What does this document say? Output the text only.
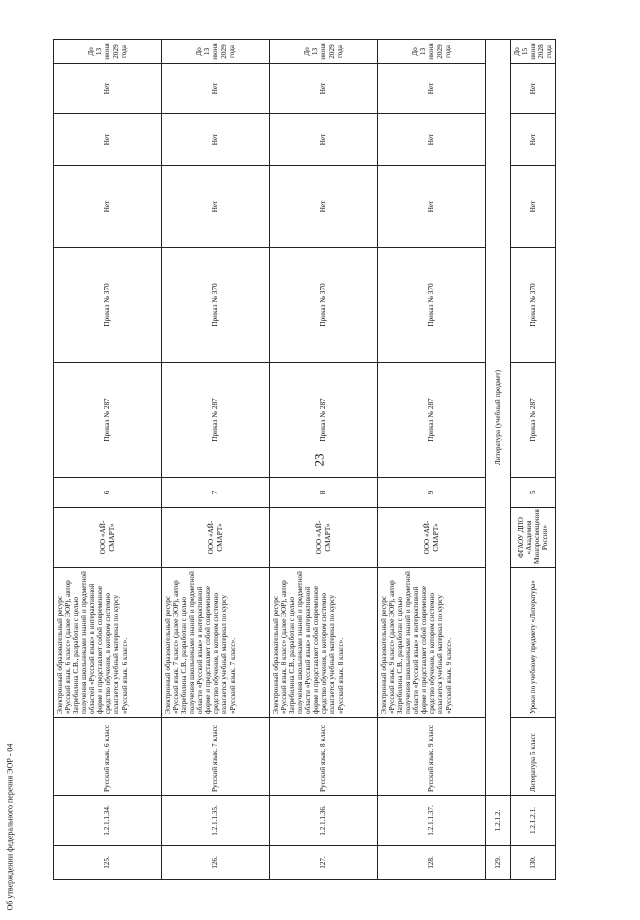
23
125.	1.2.1.1.34.	Русский язык. 6 класс	Электронный образовательный ресурс «Русский язык. 6 класс» (далее ЭОР), автор Затребилина С.В., разработан с целью получения школьниками знаний и предметной областей «Русский язык» в интерактивной форме и представляет собой современное средство обучения, в котором системно излагается учебный материал по курсу «Русский язык. 6 класс».	ООО «АЙ-СМАРТ»	6	Приказ № 287	Приказ № 370	Нет	Нет	Нет	До 13 июня 2029 года
126.	1.2.1.1.35.	Русский язык. 7 класс	Электронный образовательный ресурс «Русский язык. 7 класс» (далее ЭОР), автор Затребилина С.В., разработан с целью получения школьниками знаний и предметной области «Русский язык» в интерактивной форме и представляет собой современное средство обучения, в котором системно излагается учебный материал по курсу «Русский язык. 7 класс».	ООО «АЙ-СМАРТ»	7	Приказ № 287	Приказ № 370	Нет	Нет	Нет	До 13 июня 2029 года
127.	1.2.1.1.36.	Русский язык. 8 класс	Электронный образовательный ресурс «Русский язык. 8 класс» (далее ЭОР), автор Затребилина С.В., разработан с целью получения школьниками знаний и предметной области «Русский язык» в интерактивной форме и представляет собой современное средство обучения, в котором системно излагается учебный материал по курсу «Русский язык. 8 класс».	ООО «АЙ-СМАРТ»	8	Приказ № 287	Приказ № 370	Нет	Нет	Нет	До 13 июня 2029 года
128.	1.2.1.1.37.	Русский язык. 9 класс	Электронный образовательный ресурс «Русский язык. 9 класс» (далее ЭОР), автор Затребилина С.В., разработан с целью получения школьниками знаний и предметной области «Русский язык» в интерактивной форме и представляет собой современное средство обучения, в котором системно излагается учебный материал по курсу «Русский язык. 9 класс».	ООО «АЙ-СМАРТ»	9	Приказ № 287	Приказ № 370	Нет	Нет	Нет	До 13 июня 2029 года
129.	1.2.1.2.	Литература (учебный предмет)									
130.	1.2.1.2.1.	Литература 5 класс	Уроки по учебному предмету «Литература»	ФГАОУ ДПО «Академия Минпросвещения России»	5	Приказ № 287	Приказ № 370	Нет	Нет	Нет	До 15 июня 2028 года
Об утверждении федерального перечня ЭОР - 04
